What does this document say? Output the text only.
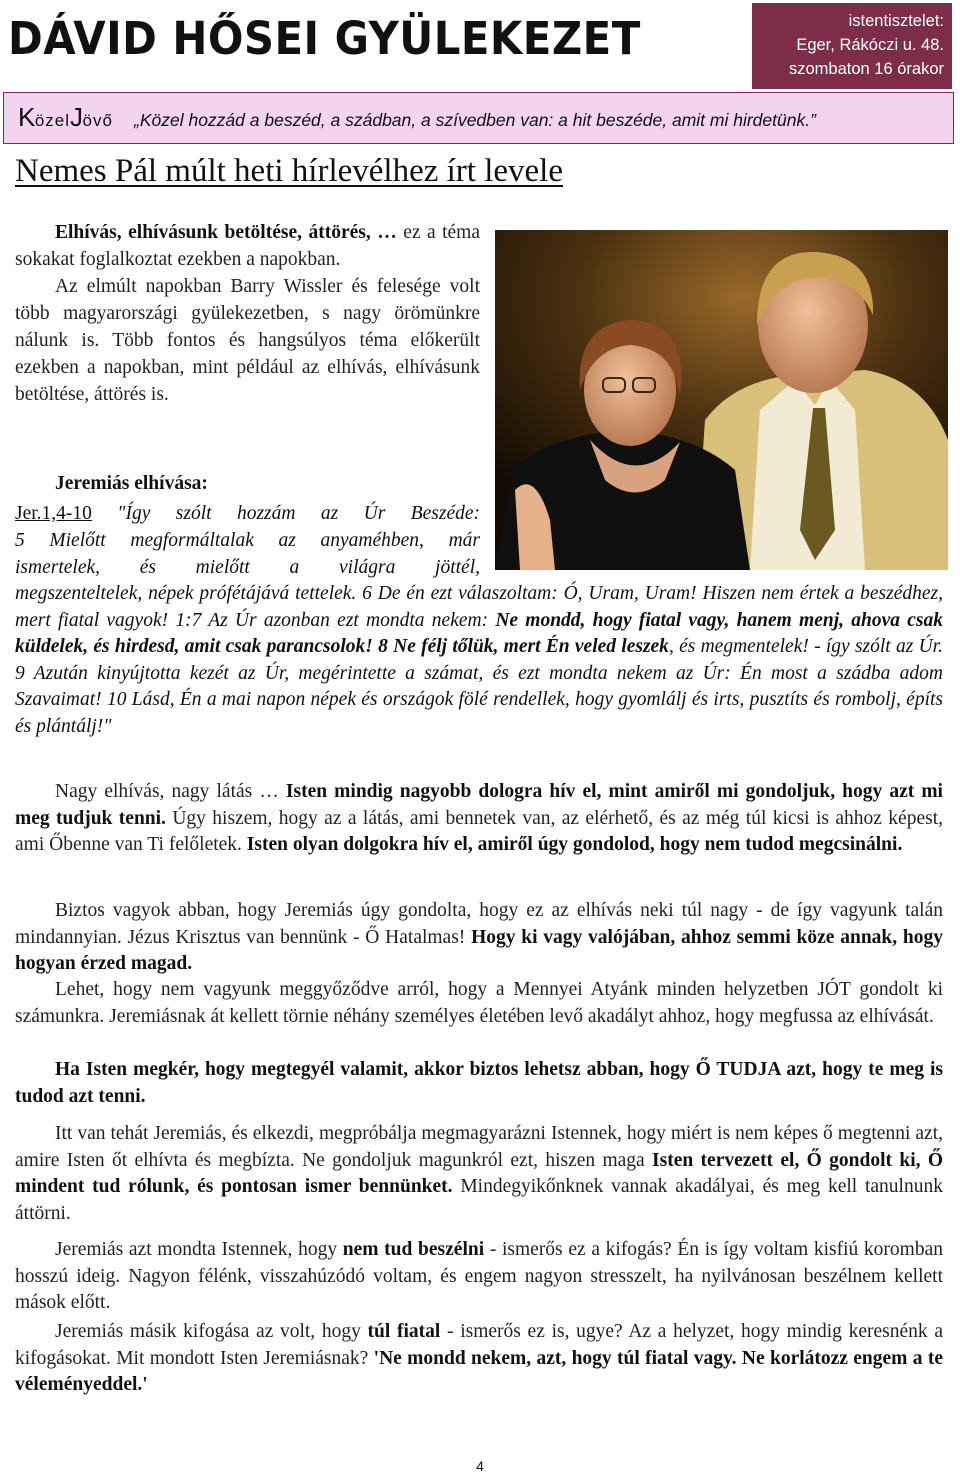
DÁVID HŐSEI GYÜLEKEZET	istentisztelet:
Eger, Rákóczi u. 48.
szombaton 16 órakor
KözelJövő „Közel hozzád a beszéd, a szádban, a szívedben van: a hit beszéde, amit mi hirdetünk.”
Nemes Pál múlt heti hírlevélhez írt levele

Elhívás, elhívásunk betöltése, áttörés, … ez a téma sokakat foglalkoztat ezekben a napokban.

Az elmúlt napokban Barry Wissler és felesége volt több magyarországi gyülekezetben, s nagy örömünkre nálunk is. Több fontos és hangsúlyos téma előkerült ezekben a napokban, mint például az elhívás, elhívásunk betöltése, áttörés is.

Jeremiás elhívása:
Jer.1,4-10 "Így szólt hozzám az Úr Beszéde:
5 Mielőtt megformáltalak az anyaméhben, már
ismertelek, és mielőtt a világra jöttél,
megszenteltelek, népek prófétájává tettelek. 6 De én ezt válaszoltam: Ó, Uram, Uram! Hiszen nem értek a beszédhez, mert fiatal vagyok! 1:7 Az Úr azonban ezt mondta nekem: Ne mondd, hogy fiatal vagy, hanem menj, ahova csak küldelek, és hirdesd, amit csak parancsolok! 8 Ne félj tőlük, mert Én veled leszek, és megmentelek! - így szólt az Úr. 9 Azután kinyújtotta kezét az Úr, megérintette a számat, és ezt mondta nekem az Úr: Én most a szádba adom Szavaimat! 10 Lásd, Én a mai napon népek és országok fölé rendellek, hogy gyomlálj és irts, pusztíts és rombolj, építs és plántálj!"
Nagy elhívás, nagy látás … Isten mindig nagyobb dologra hív el, mint amiről mi gondoljuk, hogy azt mi meg tudjuk tenni. Úgy hiszem, hogy az a látás, ami bennetek van, az elérhető, és az még túl kicsi is ahhoz képest, ami Őbenne van Ti felőletek. Isten olyan dolgokra hív el, amiről úgy gondolod, hogy nem tudod megcsinálni.
Biztos vagyok abban, hogy Jeremiás úgy gondolta, hogy ez az elhívás neki túl nagy - de így vagyunk talán mindannyian. Jézus Krisztus van bennünk - Ő Hatalmas! Hogy ki vagy valójában, ahhoz semmi köze annak, hogy hogyan érzed magad.
Lehet, hogy nem vagyunk meggyőződve arról, hogy a Mennyei Atyánk minden helyzetben JÓT gondolt ki számunkra. Jeremiásnak át kellett törnie néhány személyes életében levő akadályt ahhoz, hogy megfussa az elhívását.
Ha Isten megkér, hogy megtegyél valamit, akkor biztos lehetsz abban, hogy Ő TUDJA azt, hogy te meg is tudod azt tenni.
Itt van tehát Jeremiás, és elkezdi, megpróbálja megmagyarázni Istennek, hogy miért is nem képes ő megtenni azt, amire Isten őt elhívta és megbízta. Ne gondoljuk magunkról ezt, hiszen maga Isten tervezett el, Ő gondolt ki, Ő mindent tud rólunk, és pontosan ismer bennünket. Mindegyikőnknek vannak akadályai, és meg kell tanulnunk áttörni.
Jeremiás azt mondta Istennek, hogy nem tud beszélni - ismerős ez a kifogás? Én is így voltam kisfiú koromban hosszú ideig. Nagyon félénk, visszahúzódó voltam, és engem nagyon stresszelt, ha nyilvánosan beszélnem kellett mások előtt.
Jeremiás másik kifogása az volt, hogy túl fiatal - ismerős ez is, ugye? Az a helyzet, hogy mindig keresnénk a kifogásokat. Mit mondott Isten Jeremiásnak? 'Ne mondd nekem, azt, hogy túl fiatal vagy. Ne korlátozz engem a te véleményeddel.'
4
